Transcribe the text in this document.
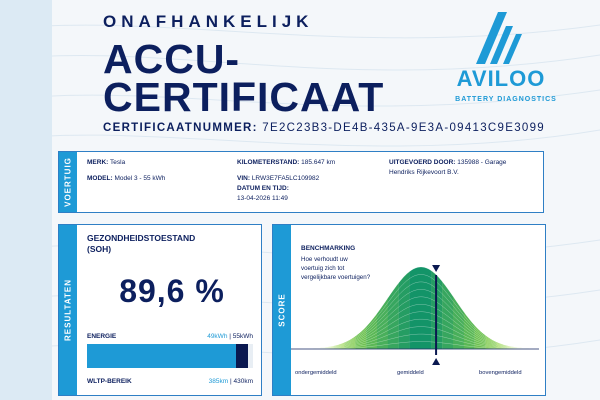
ONAFHANKELIJK
ACCU-
CERTIFICAAT
CERTIFICAATNUMMER: 7E2C23B3-DE4B-435A-9E3A-09413C9E3099
AVILOO
BATTERY DIAGNOSTICS
VOERTUIG MERK: Tesla
MODEL: Model 3 - 55 kWh
KILOMETERSTAND: 185.647 km
VIN: LRW3E7FA5LC109982
DATUM EN TIJD:
13-04-2026 11:49
UITGEVOERD DOOR: 135988 - Garage
Hendriks Rijkevoort B.V.
RESULTATEN
GEZONDHEIDSTOESTAND
(SOH)
89,6 %
ENERGIE	49kWh | 55kWh
WLTP-BEREIK	385km | 430km
SCORE
BENCHMARKING
Hoe verhoudt uw
voertuig zich tot
vergelijkbare voertuigen?
ondergemiddeld	gemiddeld	bovengemiddeld
